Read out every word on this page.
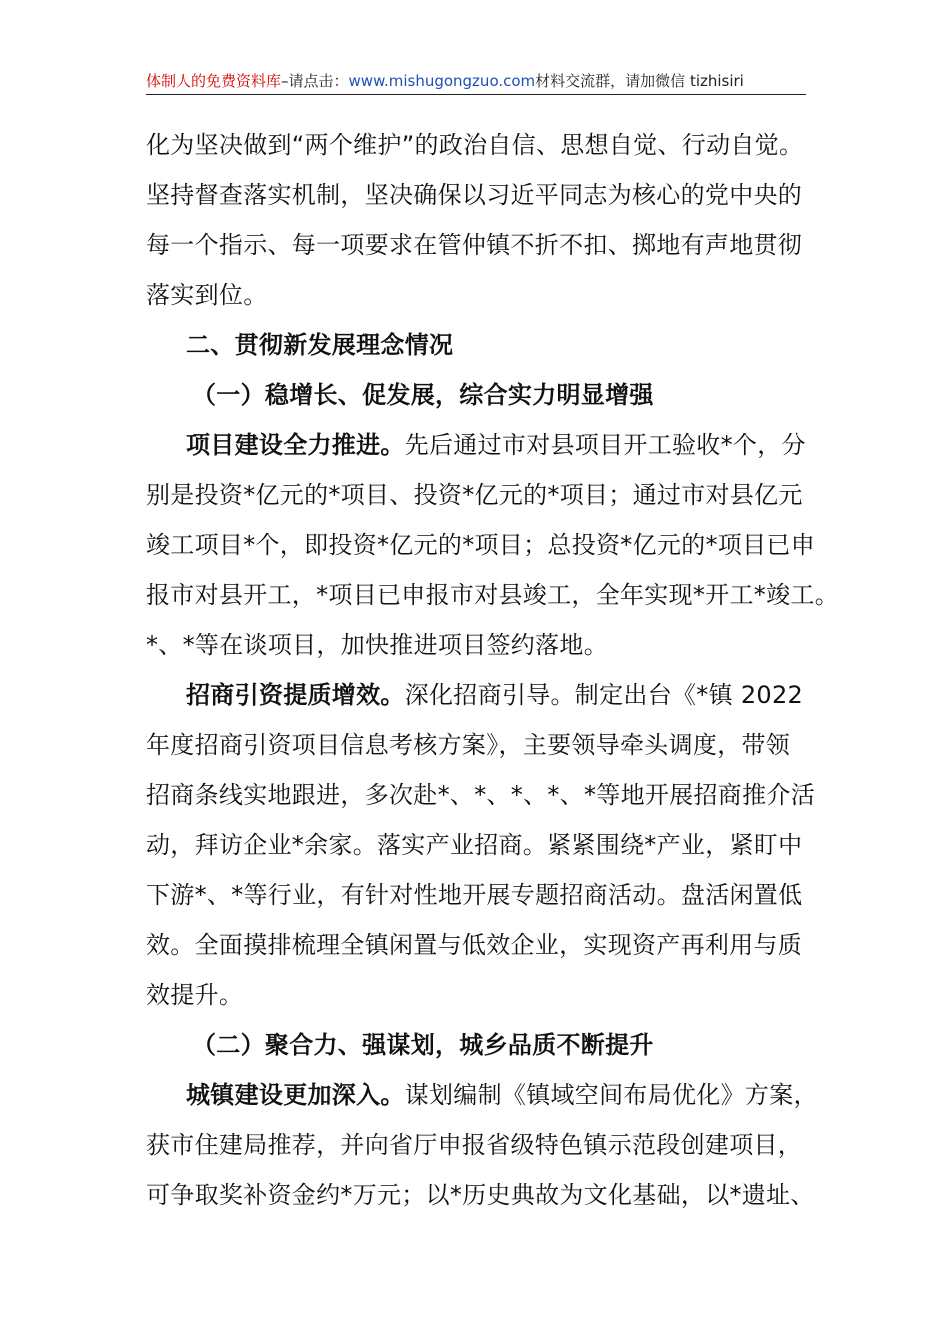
体制人的免费资料库–请点击：www.mishugongzuo.com材料交流群，请加微信 tizhisiri
化为坚决做到“两个维护”的政治自信、思想自觉、行动自觉。
坚持督查落实机制，坚决确保以习近平同志为核心的党中央的
每一个指示、每一项要求在管仲镇不折不扣、掷地有声地贯彻
落实到位。
二、贯彻新发展理念情况
（一）稳增长、促发展，综合实力明显增强
项目建设全力推进。先后通过市对县项目开工验收*个，分
别是投资*亿元的*项目、投资*亿元的*项目；通过市对县亿元
竣工项目*个，即投资*亿元的*项目；总投资*亿元的*项目已申
报市对县开工，*项目已申报市对县竣工，全年实现*开工*竣工。
*、*等在谈项目，加快推进项目签约落地。
招商引资提质增效。深化招商引导。制定出台《*镇 2022
年度招商引资项目信息考核方案》，主要领导牵头调度，带领
招商条线实地跟进，多次赴*、*、*、*、*等地开展招商推介活
动，拜访企业*余家。落实产业招商。紧紧围绕*产业，紧盯中
下游*、*等行业，有针对性地开展专题招商活动。盘活闲置低
效。全面摸排梳理全镇闲置与低效企业，实现资产再利用与质
效提升。
（二）聚合力、强谋划，城乡品质不断提升
城镇建设更加深入。谋划编制《镇域空间布局优化》方案，
获市住建局推荐，并向省厅申报省级特色镇示范段创建项目，
可争取奖补资金约*万元；以*历史典故为文化基础，以*遗址、
